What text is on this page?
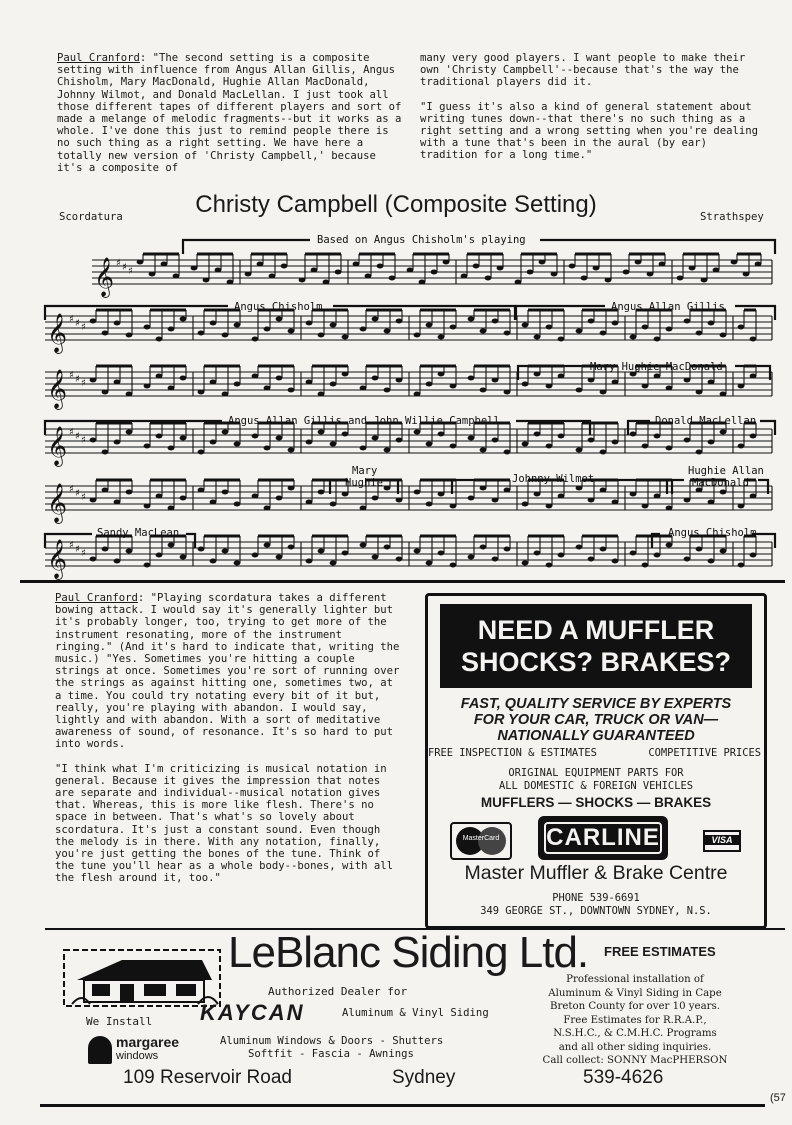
Paul Cranford: "The second setting is a composite setting with influence from Angus Allan Gillis, Angus Chisholm, Mary MacDonald, Hughie Allan MacDonald, Johnny Wilmot, and Donald MacLellan. I just took all those different tapes of different players and sort of made a melange of melodic fragments--but it works as a whole. I've done this just to remind people there is no such thing as a right setting. We have here a totally new version of 'Christy Campbell,' because it's a composite of

many very good players. I want people to make their own 'Christy Campbell'--because that's the way the traditional players did it.

"I guess it's also a kind of general statement about writing tunes down--that there's no such thing as a right setting and a wrong setting when you're dealing with a tune that's been in the aural (by ear) tradition for a long time."

Christy Campbell (Composite Setting)
Scordatura	Strathspey
𝄞 ♯ ♯ ♯
𝄞 ♯ ♯ ♯
𝄞 ♯ ♯ ♯
𝄞 ♯ ♯ ♯
𝄞 ♯ ♯ ♯
𝄞 ♯ ♯ ♯
Based on Angus Chisholm's playing
Angus Chisholm	Angus Allan Gillis
Mary Hughie MacDonald
Angus Allan Gillis and John Willie Campbell	Donald MacLellan
Mary
Hughie	Johnny Wilmot
Hughie Allan
MacDonald
Sandy MacLean	Angus Chisholm

Paul Cranford: "Playing scordatura takes a different bowing attack. I would say it's generally lighter but it's probably longer, too, trying to get more of the instrument resonating, more of the instrument ringing." (And it's hard to indicate that, writing the music.) "Yes. Sometimes you're hitting a couple strings at once. Sometimes you're sort of running over the strings as against hitting one, sometimes two, at a time. You could try notating every bit of it but, really, you're playing with abandon. I would say, lightly and with abandon. With a sort of meditative awareness of sound, of resonance. It's so hard to put into words.

"I think what I'm criticizing is musical notation in general. Because it gives the impression that notes are separate and individual--musical notation gives that. Whereas, this is more like flesh. There's no space in between. That's what's so lovely about scordatura. It's just a constant sound. Even though the melody is in there. With any notation, finally, you're just getting the bones of the tune. Think of the tune you'll hear as a whole body--bones, with all the flesh around it, too."

NEED A MUFFLER
SHOCKS? BRAKES?
FAST, QUALITY SERVICE BY EXPERTS
FOR YOUR CAR, TRUCK OR VAN—
NATIONALLY GUARANTEED
FREE INSPECTION & ESTIMATES	COMPETITIVE PRICES
ORIGINAL EQUIPMENT PARTS FOR
ALL DOMESTIC & FOREIGN VEHICLES
MUFFLERS — SHOCKS — BRAKES
MasterCard	CARLINE	VISA
Master Muffler & Brake Centre
PHONE 539-6691
349 GEORGE ST., DOWNTOWN SYDNEY, N.S.
LeBlanc Siding Ltd. FREE ESTIMATES
Authorized Dealer for
KAYCAN	Aluminum & Vinyl Siding
We Install
margaree
windows
Aluminum Windows & Doors - Shutters
Softfit - Fascia - Awnings
Professional installation of
Aluminum & Vinyl Siding in Cape
Breton County for over 10 years.
Free Estimates for R.R.A.P.,
N.S.H.C., & C.M.H.C. Programs
and all other siding inquiries.
Call collect: SONNY MacPHERSON
109 Reservoir Road	Sydney	539-4626
(57
